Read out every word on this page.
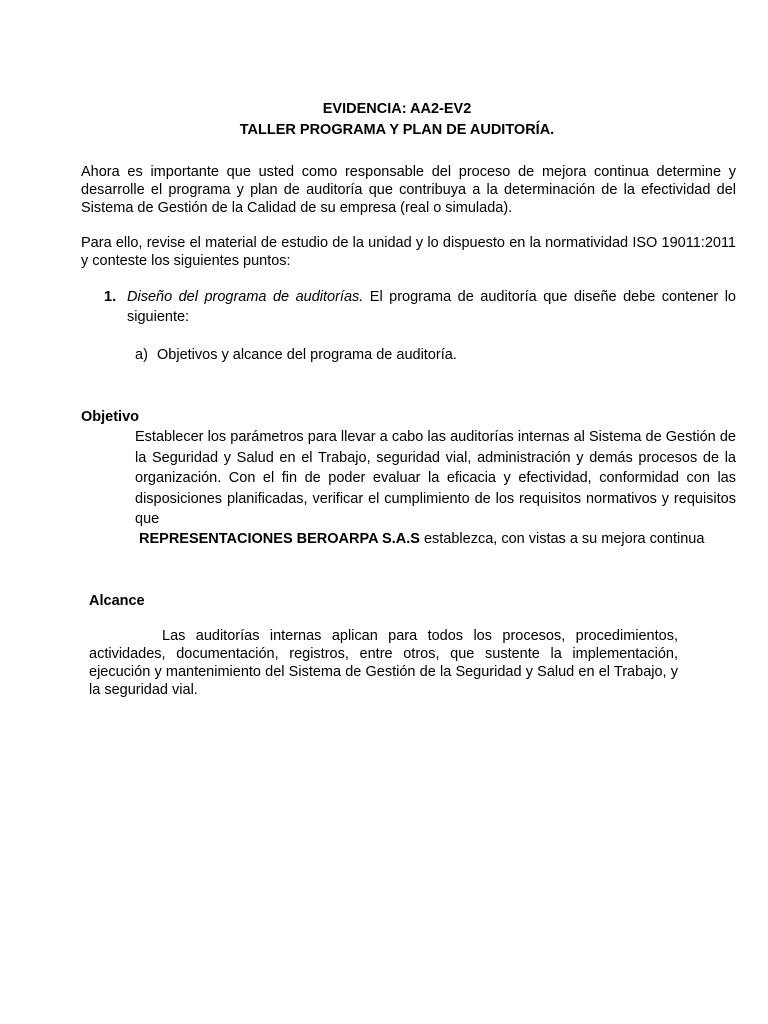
EVIDENCIA: AA2-EV2
TALLER PROGRAMA Y PLAN DE AUDITORÍA.
Ahora es importante que usted como responsable del proceso de mejora continua determine y desarrolle el programa y plan de auditoría que contribuya a la determinación de la efectividad del Sistema de Gestión de la Calidad de su empresa (real o simulada).
Para ello, revise el material de estudio de la unidad y lo dispuesto en la normatividad ISO 19011:2011 y conteste los siguientes puntos:
1. Diseño del programa de auditorías. El programa de auditoría que diseñe debe contener lo siguiente:
a) Objetivos y alcance del programa de auditoría.
Objetivo
Establecer los parámetros para llevar a cabo las auditorías internas al Sistema de Gestión de la Seguridad y Salud en el Trabajo, seguridad vial, administración y demás procesos de la organización. Con el fin de poder evaluar la eficacia y efectividad, conformidad con las disposiciones planificadas, verificar el cumplimiento de los requisitos normativos y requisitos que
REPRESENTACIONES BEROARPA S.A.S establezca, con vistas a su mejora continua
Alcance
Las auditorías internas aplican para todos los procesos, procedimientos, actividades, documentación, registros, entre otros, que sustente la implementación, ejecución y mantenimiento del Sistema de Gestión de la Seguridad y Salud en el Trabajo, y la seguridad vial.
